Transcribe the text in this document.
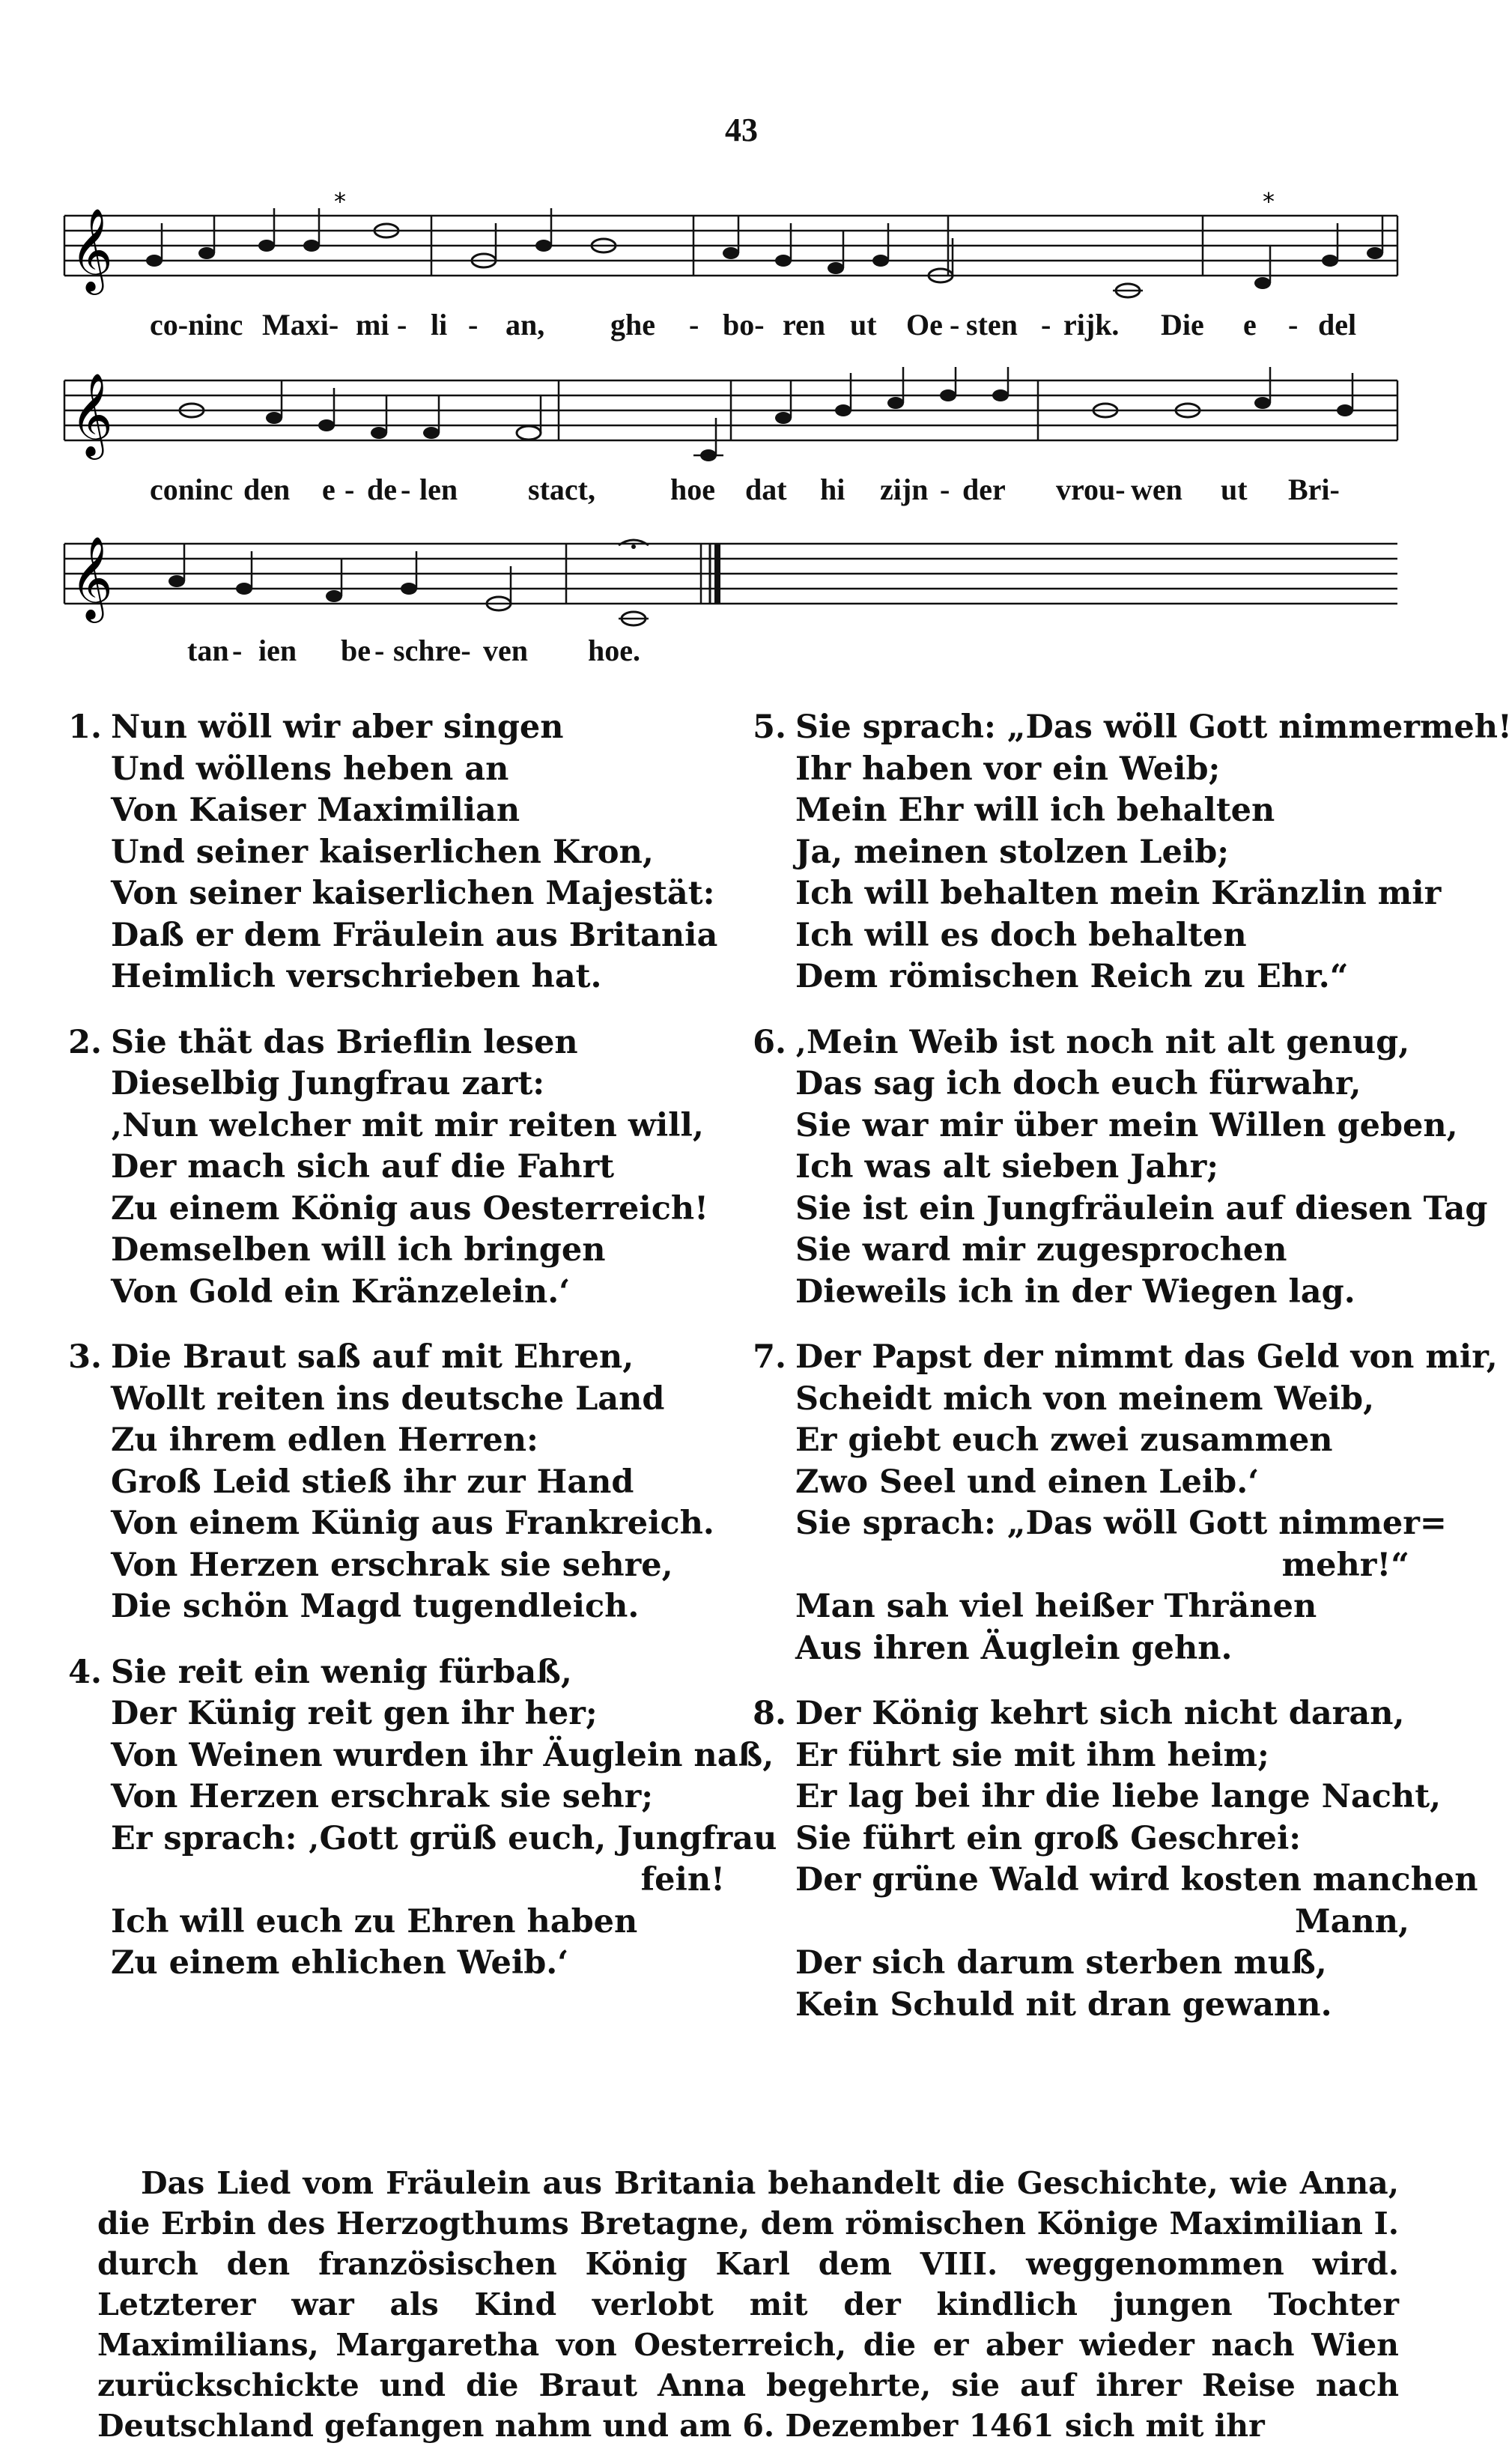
43
𝄞
*	*
co-ninc Maxi- mi - li - an, ghe - bo- ren ut Oe - sten - rijk. Die e - del
𝄞
coninc den e - de - len stact,	hoe dat hi zijn - der vrou- wen ut Bri-
𝄞
tan - ien be - schre- ven hoe.
1. Nun wöll wir aber singen
Und wöllens heben an
Von Kaiser Maximilian
Und seiner kaiserlichen Kron,
Von seiner kaiserlichen Majestät:
Daß er dem Fräulein aus Britania
Heimlich verschrieben hat.
2. Sie thät das Brieflin lesen
Dieselbig Jungfrau zart:
‚Nun welcher mit mir reiten will,
Der mach sich auf die Fahrt
Zu einem König aus Oesterreich!
Demselben will ich bringen
Von Gold ein Kränzelein.‘
3. Die Braut saß auf mit Ehren,
Wollt reiten ins deutsche Land
Zu ihrem edlen Herren:
Groß Leid stieß ihr zur Hand
Von einem Künig aus Frankreich.
Von Herzen erschrak sie sehre,
Die schön Magd tugendleich.
4. Sie reit ein wenig fürbaß,
Der Künig reit gen ihr her;
Von Weinen wurden ihr Äuglein naß,
Von Herzen erschrak sie sehr;
Er sprach: ‚Gott grüß euch, Jungfrau
fein!
Ich will euch zu Ehren haben
Zu einem ehlichen Weib.‘
5. Sie sprach: „Das wöll Gott nimmermeh!
Ihr haben vor ein Weib;
Mein Ehr will ich behalten
Ja, meinen stolzen Leib;
Ich will behalten mein Kränzlin mir
Ich will es doch behalten
Dem römischen Reich zu Ehr.“
6. ‚Mein Weib ist noch nit alt genug,
Das sag ich doch euch fürwahr,
Sie war mir über mein Willen geben,
Ich was alt sieben Jahr;
Sie ist ein Jungfräulein auf diesen Tag
Sie ward mir zugesprochen
Dieweils ich in der Wiegen lag.
7. Der Papst der nimmt das Geld von mir,
Scheidt mich von meinem Weib,
Er giebt euch zwei zusammen
Zwo Seel und einen Leib.‘
Sie sprach: „Das wöll Gott nimmer=
mehr!“
Man sah viel heißer Thränen
Aus ihren Äuglein gehn.
8. Der König kehrt sich nicht daran,
Er führt sie mit ihm heim;
Er lag bei ihr die liebe lange Nacht,
Sie führt ein groß Geschrei:
Der grüne Wald wird kosten manchen
Mann,
Der sich darum sterben muß,
Kein Schuld nit dran gewann.
Das Lied vom Fräulein aus Britania behandelt die Geschichte, wie Anna, die Erbin des Herzogthums Bretagne, dem römischen Könige Maximilian I. durch den französischen König Karl dem VIII. weggenommen wird. Letzterer war als Kind verlobt mit der kindlich jungen Tochter Maximilians, Margaretha von Oesterreich, die er aber wieder nach Wien zurückschickte und die Braut Anna begehrte, sie auf ihrer Reise nach Deutschland gefangen nahm und am 6. Dezember 1461 sich mit ihr
